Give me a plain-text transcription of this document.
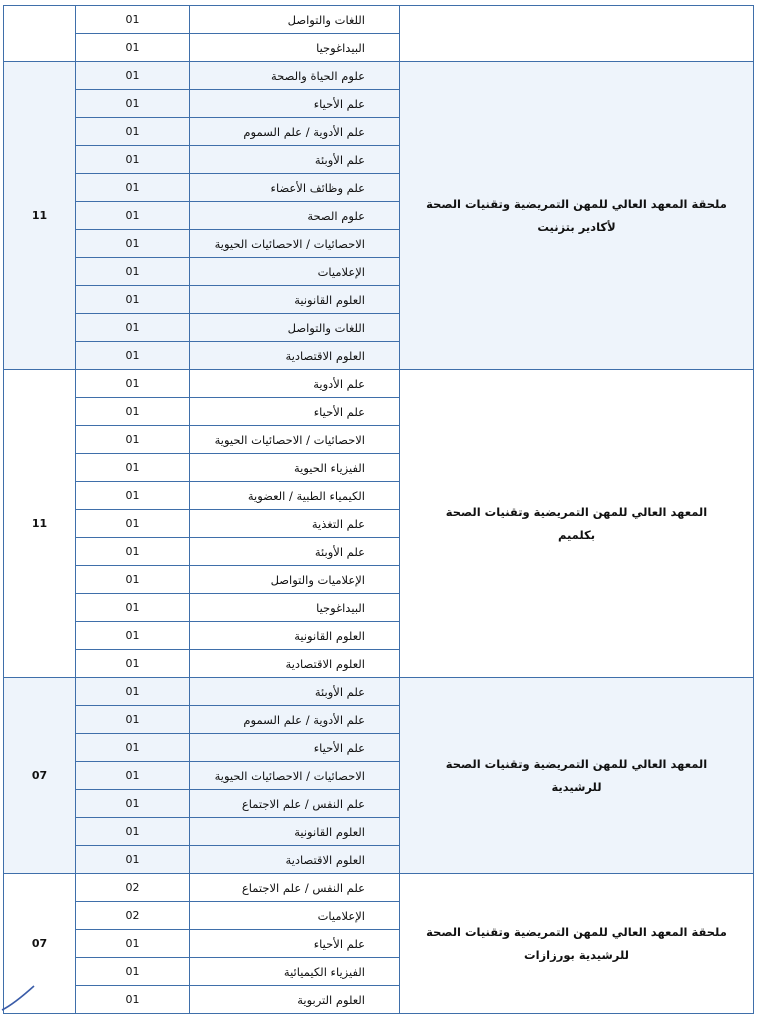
	01	اللغات والتواصل	

	01	البيداغوجيا	
11	01	علوم الحياة والصحة	ملحقة المعهد العالي للمهن التمريضية وتقنيات الصحة
لأكادير بتزنيت

	01	علم الأحياء	
	01	علم الأدوية / علم السموم	
	01	علم الأوبئة	
	01	علم وظائف الأعضاء	
	01	علوم الصحة	
	01	الاحصائيات / الاحصائيات الحيوية	
	01	الإعلاميات	
	01	العلوم القانونية	
	01	اللغات والتواصل	
	01	العلوم الاقتصادية	
11	01	علم الأدوية	المعهد العالي للمهن التمريضية وتقنيات الصحة
بكلميم

	01	علم الأحياء	
	01	الاحصائيات / الاحصائيات الحيوية	
	01	الفيزياء الحيوية	
	01	الكيمياء الطبية / العضوية	
	01	علم التغذية	
	01	علم الأوبئة	
	01	الإعلاميات والتواصل	
	01	البيداغوجيا	
	01	العلوم القانونية	
	01	العلوم الاقتصادية	
07	01	علم الأوبئة	المعهد العالي للمهن التمريضية وتقنيات الصحة
للرشيدية

	01	علم الأدوية / علم السموم	
	01	علم الأحياء	
	01	الاحصائيات / الاحصائيات الحيوية	
	01	علم النفس / علم الاجتماع	
	01	العلوم القانونية	
	01	العلوم الاقتصادية	
07	02	علم النفس / علم الاجتماع	ملحقة المعهد العالي للمهن التمريضية وتقنيات الصحة
للرشيدية بورزازات

	02	الإعلاميات	
	01	علم الأحياء	
	01	الفيزياء الكيميائية	
	01	العلوم التربوية	
